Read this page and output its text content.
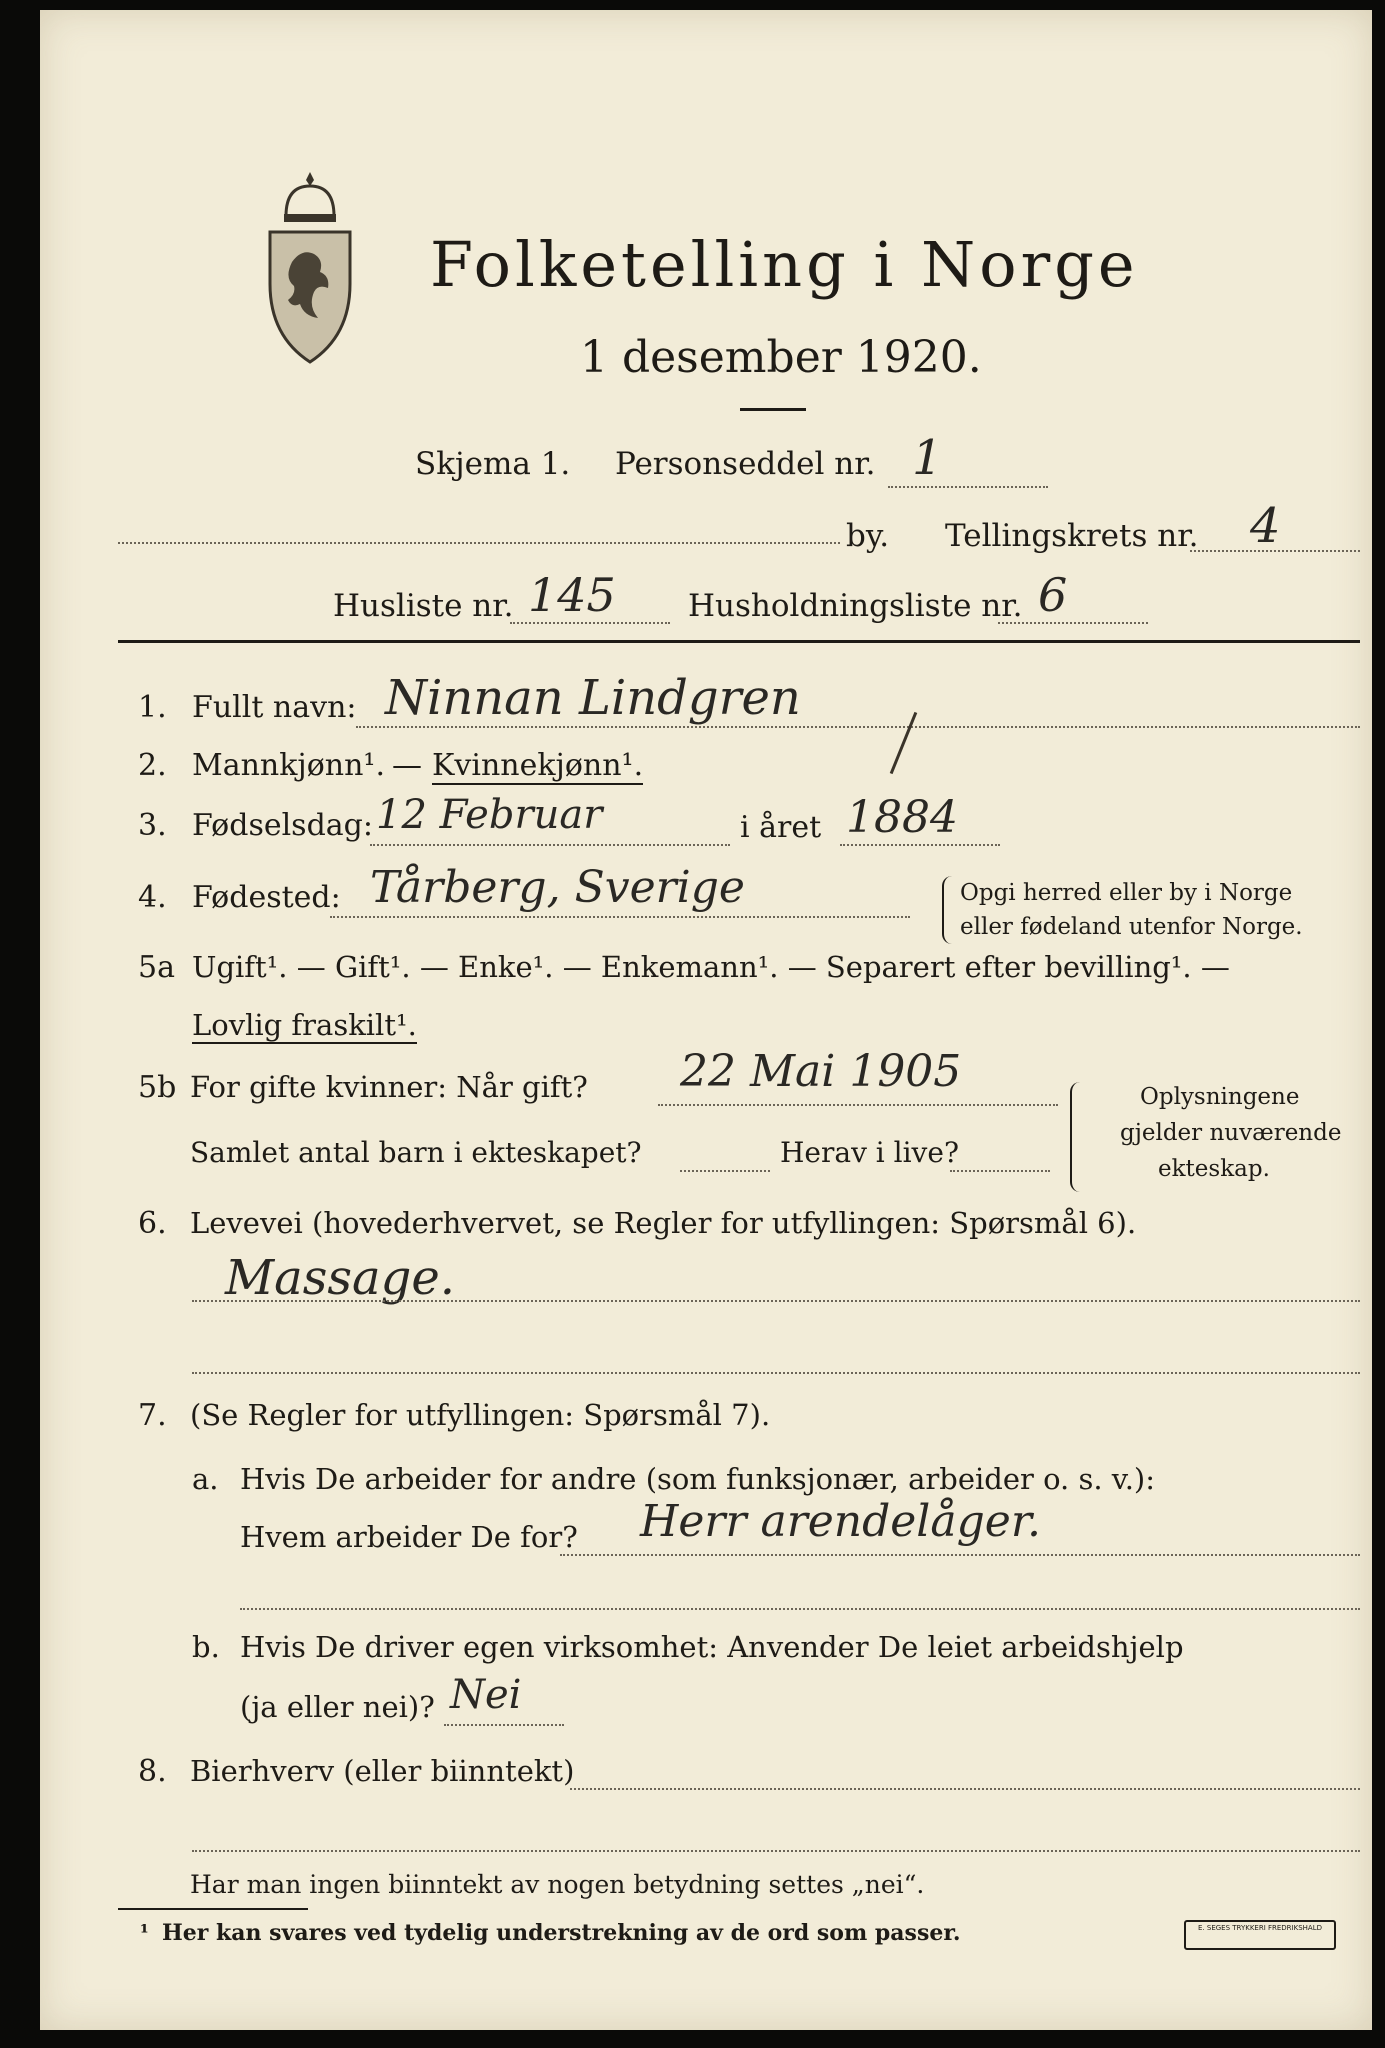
Folketelling i Norge
1 desember 1920.
Skjema 1. Personseddel nr. 1
by. Tellingskrets nr. 4
Husliste nr. 145 Husholdningsliste nr. 6
1. Fullt navn: Ninnan Lindgren
2. Mannkjønn¹. — Kvinnekjønn¹.
3. Fødselsdag: 12 Februar	i året 1884
4. Fødested: Tårberg, Sverige	Opgi herred eller by i Norge
eller fødeland utenfor Norge.
5a Ugift¹. — Gift¹. — Enke¹. — Enkemann¹. — Separert efter bevilling¹. —
Lovlig fraskilt¹.
5b For gifte kvinner: Når gift? 22 Mai 1905
Samlet antal barn i ekteskapet?	Herav i live?
Oplysningene
gjelder nuværende
ekteskap.
6. Levevei (hovederhvervet, se Regler for utfyllingen: Spørsmål 6).
Massage.
7. (Se Regler for utfyllingen: Spørsmål 7).
a. Hvis De arbeider for andre (som funksjonær, arbeider o. s. v.):
Hvem arbeider De for? Herr arendelåger.
b. Hvis De driver egen virksomhet: Anvender De leiet arbeidshjelp
(ja eller nei)? Nei
8. Bierhverv (eller biinntekt)
Har man ingen biinntekt av nogen betydning settes „nei“.
¹ Her kan svares ved tydelig understrekning av de ord som passer.	E. SEGES TRYKKERI FREDRIKSHALD
